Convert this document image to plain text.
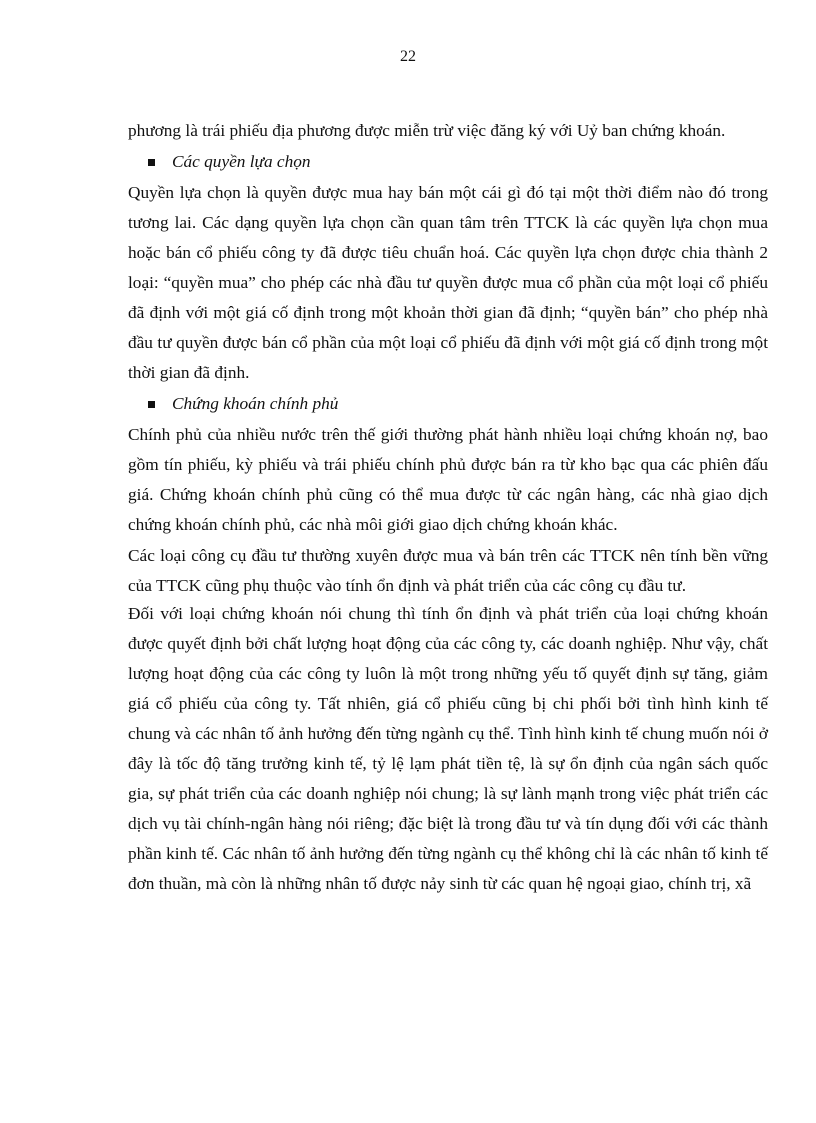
22

phương là trái phiếu địa phương được miễn trừ việc đăng ký với Uỷ ban chứng khoán.

Các quyền lựa chọn

Quyền lựa chọn là quyền được mua hay bán một cái gì đó tại một thời điểm nào đó trong tương lai. Các dạng quyền lựa chọn cần quan tâm trên TTCK là các quyền lựa chọn mua hoặc bán cổ phiếu công ty đã được tiêu chuẩn hoá. Các quyền lựa chọn được chia thành 2 loại: “quyền mua” cho phép các nhà đầu tư quyền được mua cổ phần của một loại cổ phiếu đã định với một giá cố định trong một khoản thời gian đã định; “quyền bán” cho phép nhà đầu tư quyền được bán cổ phần của một loại cổ phiếu đã định với một giá cố định trong một thời gian đã định.

Chứng khoán chính phủ

Chính phủ của nhiều nước trên thế giới thường phát hành nhiều loại chứng khoán nợ, bao gồm tín phiếu, kỳ phiếu và trái phiếu chính phủ được bán ra từ kho bạc qua các phiên đấu giá. Chứng khoán chính phủ cũng có thể mua được từ các ngân hàng, các nhà giao dịch chứng khoán chính phủ, các nhà môi giới giao dịch chứng khoán khác.

Các loại công cụ đầu tư thường xuyên được mua và bán trên các TTCK nên tính bền vững của TTCK cũng phụ thuộc vào tính ổn định và phát triển của các công cụ đầu tư.

Đối với loại chứng khoán nói chung thì tính ổn định và phát triển của loại chứng khoán được quyết định bởi chất lượng hoạt động của các công ty, các doanh nghiệp. Như vậy, chất lượng hoạt động của các công ty luôn là một trong những yếu tố quyết định sự tăng, giảm giá cổ phiếu của công ty. Tất nhiên, giá cổ phiếu cũng bị chi phối bởi tình hình kinh tế chung và các nhân tố ảnh hưởng đến từng ngành cụ thể. Tình hình kinh tế chung muốn nói ở đây là tốc độ tăng trưởng kinh tế, tỷ lệ lạm phát tiền tệ, là sự ổn định của ngân sách quốc gia, sự phát triển của các doanh nghiệp nói chung; là sự lành mạnh trong việc phát triển các dịch vụ tài chính-ngân hàng nói riêng; đặc biệt là trong đầu tư và tín dụng đối với các thành phần kinh tế. Các nhân tố ảnh hưởng đến từng ngành cụ thể không chỉ là các nhân tố kinh tế đơn thuần, mà còn là những nhân tố được nảy sinh từ các quan hệ ngoại giao, chính trị, xã
